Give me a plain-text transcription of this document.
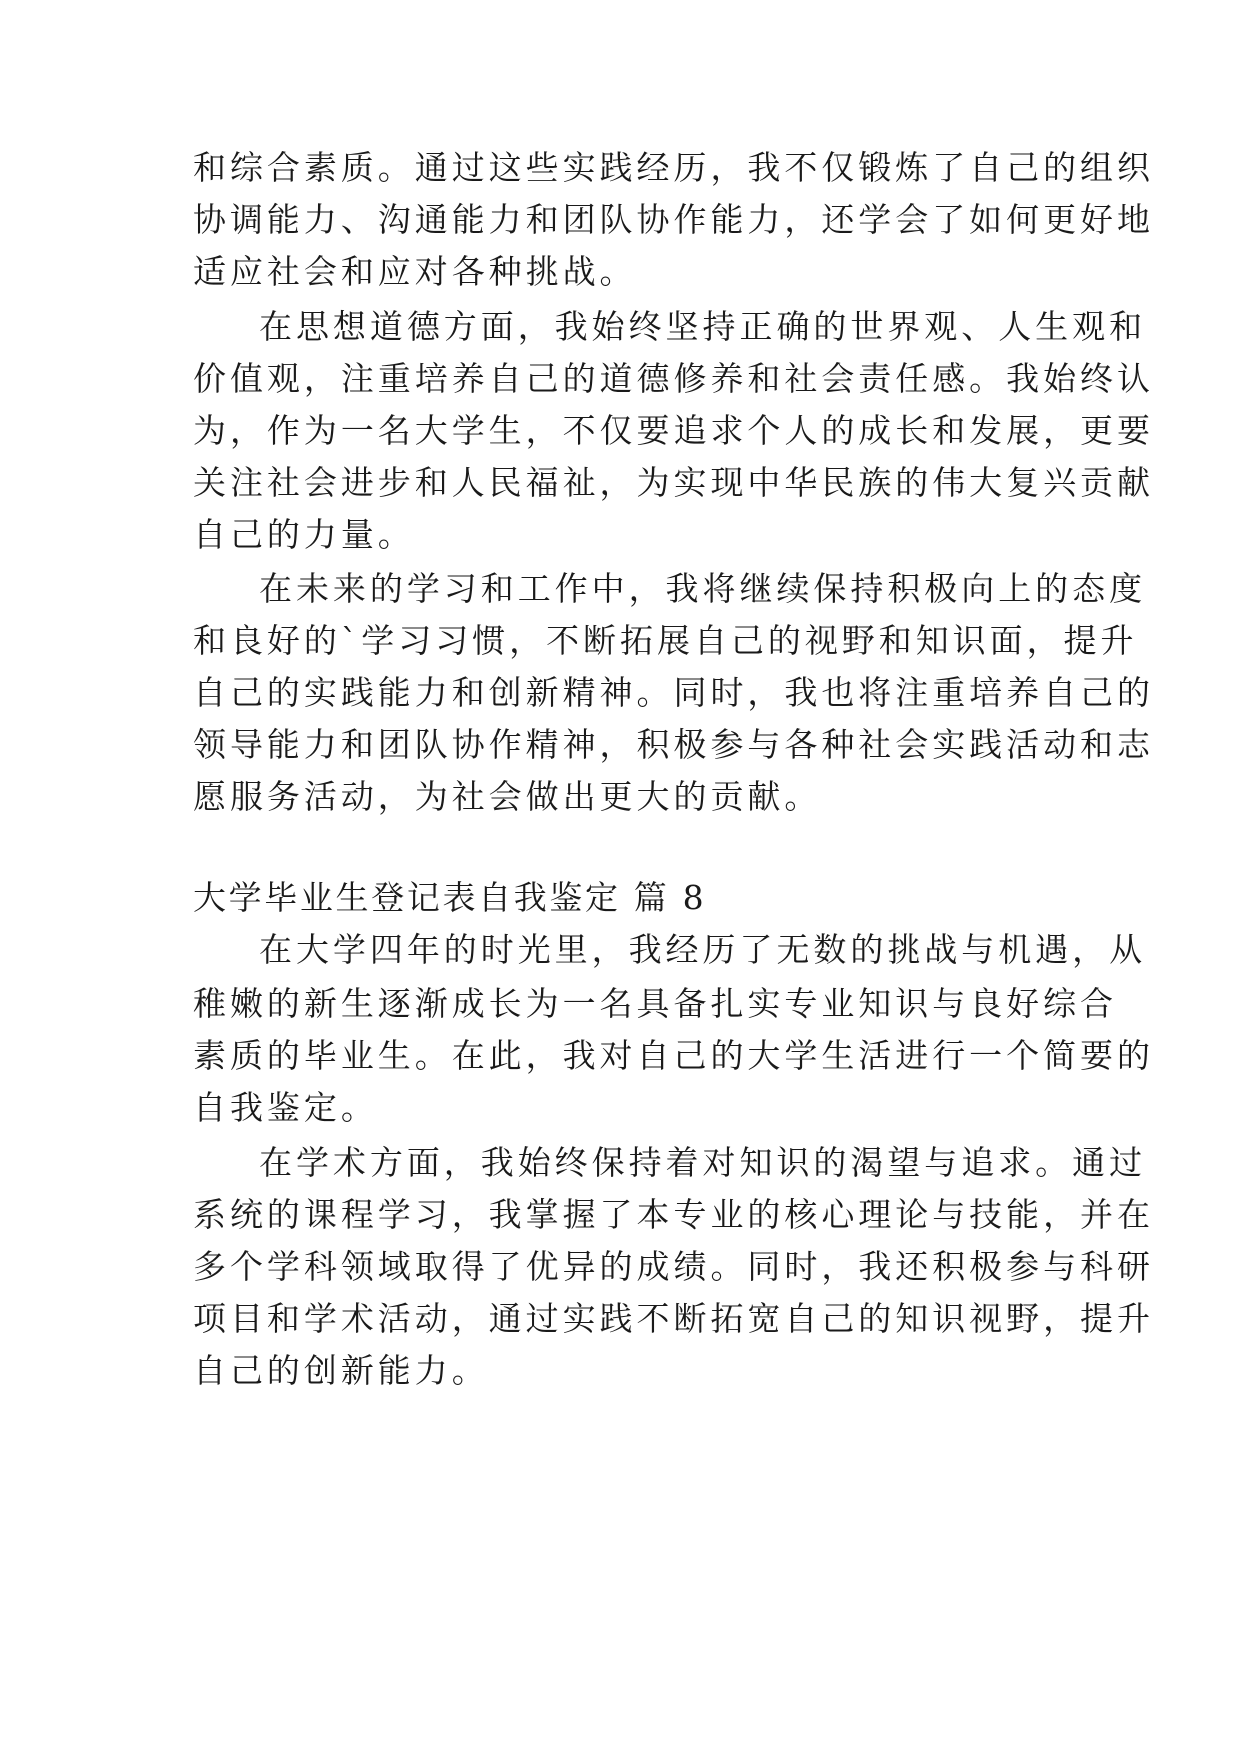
和综合素质。通过这些实践经历，我不仅锻炼了自己的组织
协调能力、沟通能力和团队协作能力，还学会了如何更好地
适应社会和应对各种挑战。
在思想道德方面，我始终坚持正确的世界观、人生观和
价值观，注重培养自己的道德修养和社会责任感。我始终认
为，作为一名大学生，不仅要追求个人的成长和发展，更要
关注社会进步和人民福祉，为实现中华民族的伟大复兴贡献
自己的力量。
在未来的学习和工作中，我将继续保持积极向上的态度
和良好的`学习习惯，不断拓展自己的视野和知识面，提升
自己的实践能力和创新精神。同时，我也将注重培养自己的
领导能力和团队协作精神，积极参与各种社会实践活动和志
愿服务活动，为社会做出更大的贡献。
大学毕业生登记表自我鉴定 篇 8
在大学四年的时光里，我经历了无数的挑战与机遇，从
稚嫩的新生逐渐成长为一名具备扎实专业知识与良好综合
素质的毕业生。在此，我对自己的大学生活进行一个简要的
自我鉴定。
在学术方面，我始终保持着对知识的渴望与追求。通过
系统的课程学习，我掌握了本专业的核心理论与技能，并在
多个学科领域取得了优异的成绩。同时，我还积极参与科研
项目和学术活动，通过实践不断拓宽自己的知识视野，提升
自己的创新能力。
